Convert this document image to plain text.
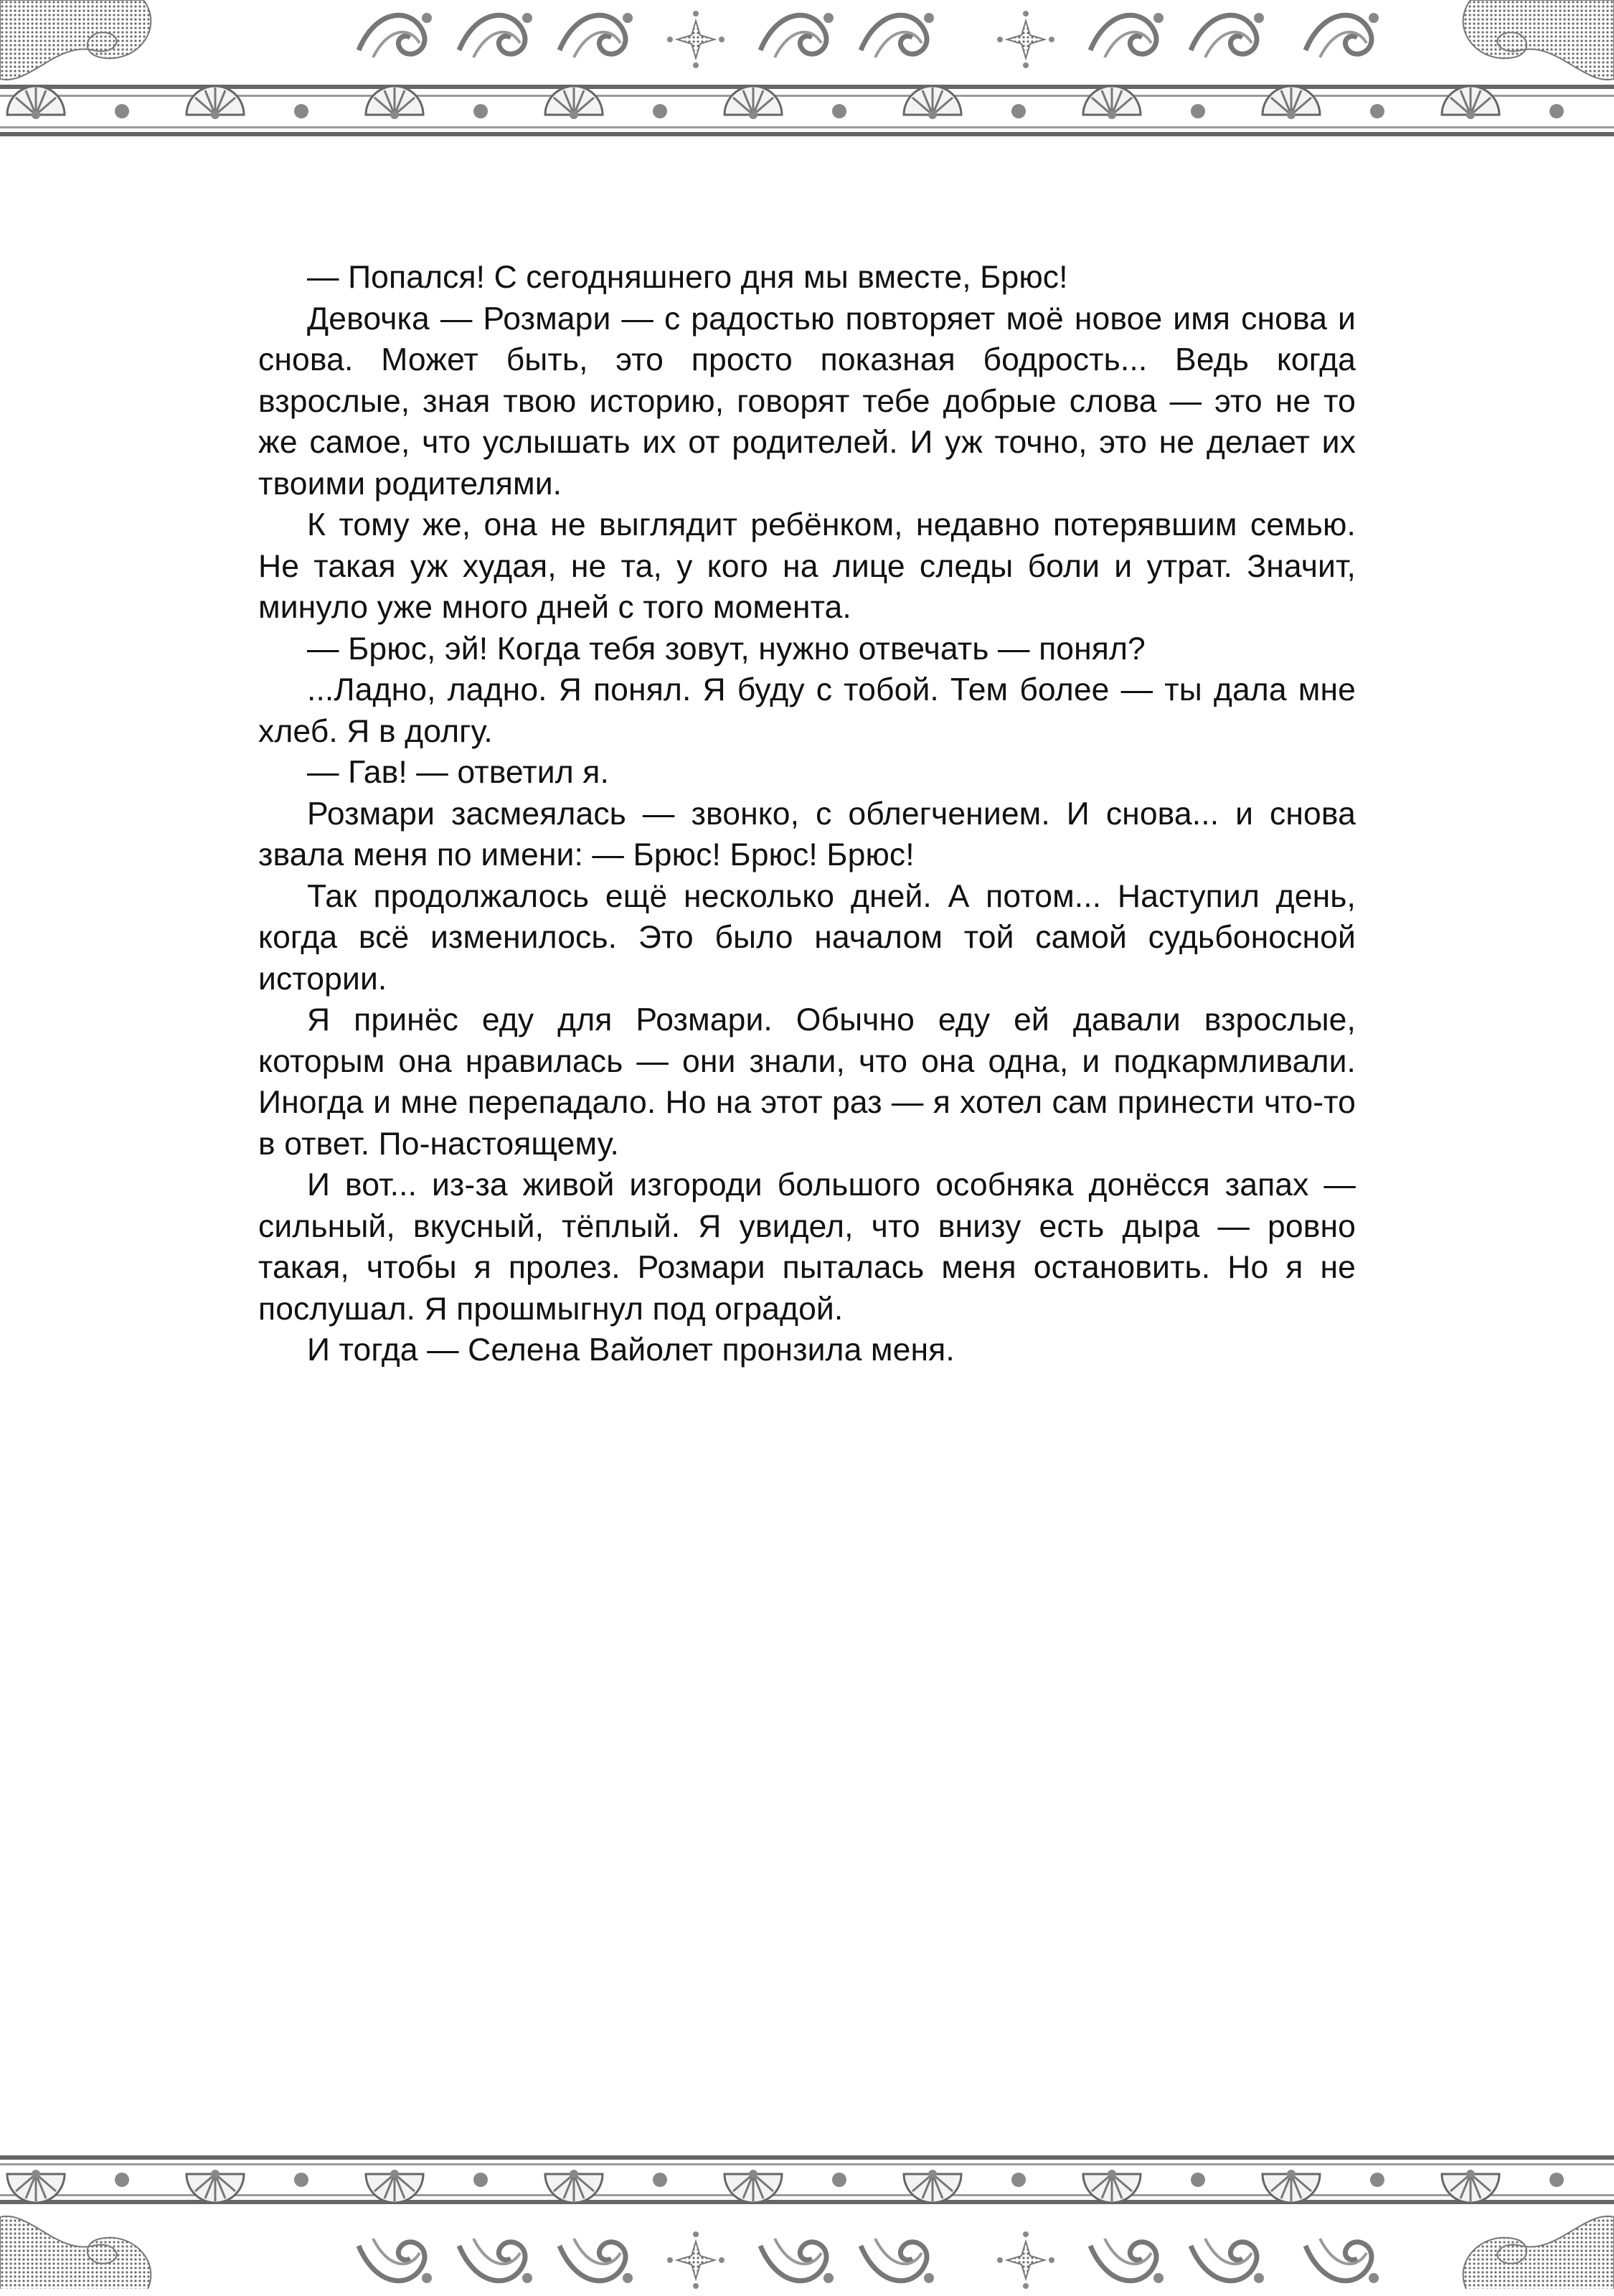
— Попался! С сегодняшнего дня мы вместе, Брюс!

Девочка — Розмари — с радостью повторяет моё новое имя снова и снова. Может быть, это просто показная бодрость... Ведь когда взрослые, зная твою историю, говорят тебе добрые слова — это не то же самое, что услышать их от родителей. И уж точно, это не делает их твоими родителями.

К тому же, она не выглядит ребёнком, недавно потерявшим семью. Не такая уж худая, не та, у кого на лице следы боли и утрат. Значит, минуло уже много дней с того момента.

— Брюс, эй! Когда тебя зовут, нужно отвечать — понял?

...Ладно, ладно. Я понял. Я буду с тобой. Тем более — ты дала мне хлеб. Я в долгу.

— Гав! — ответил я.

Розмари засмеялась — звонко, с облегчением. И снова... и снова звала меня по имени: — Брюс! Брюс! Брюс!

Так продолжалось ещё несколько дней. А потом... Наступил день, когда всё изменилось. Это было началом той самой судьбоносной истории.

Я принёс еду для Розмари. Обычно еду ей давали взрослые, которым она нравилась — они знали, что она одна, и подкармливали. Иногда и мне перепадало. Но на этот раз — я хотел сам принести что-то в ответ. По-настоящему.

И вот... из-за живой изгороди большого особняка донёсся запах — сильный, вкусный, тёплый. Я увидел, что внизу есть дыра — ровно такая, чтобы я пролез. Розмари пыталась меня остановить. Но я не послушал. Я прошмыгнул под оградой.

И тогда — Селена Вайолет пронзила меня.
